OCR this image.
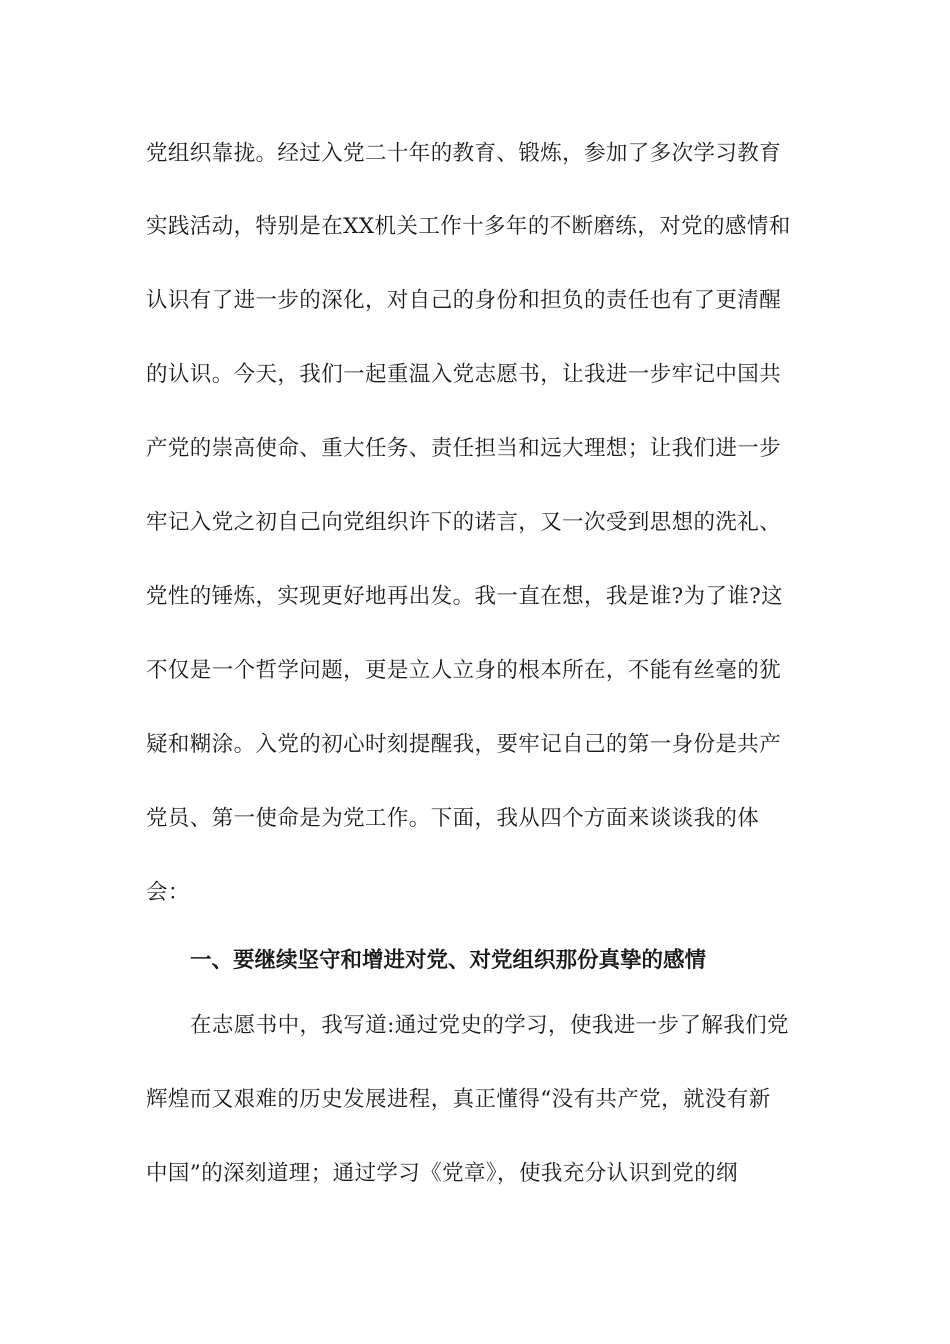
党组织靠拢。经过入党二十年的教育、锻炼，参加了多次学习教育
实践活动，特别是在XX机关工作十多年的不断磨练，对党的感情和
认识有了进一步的深化，对自己的身份和担负的责任也有了更清醒
的认识。今天，我们一起重温入党志愿书，让我进一步牢记中国共
产党的崇高使命、重大任务、责任担当和远大理想；让我们进一步
牢记入党之初自己向党组织许下的诺言，又一次受到思想的洗礼、
党性的锤炼，实现更好地再出发。我一直在想，我是谁?为了谁?这
不仅是一个哲学问题，更是立人立身的根本所在，不能有丝毫的犹
疑和糊涂。入党的初心时刻提醒我，要牢记自己的第一身份是共产
党员、第一使命是为党工作。下面，我从四个方面来谈谈我的体
会：
一、要继续坚守和增进对党、对党组织那份真挚的感情
在志愿书中，我写道:通过党史的学习，使我进一步了解我们党
辉煌而又艰难的历史发展进程，真正懂得“没有共产党，就没有新
中国”的深刻道理；通过学习《党章》，使我充分认识到党的纲
